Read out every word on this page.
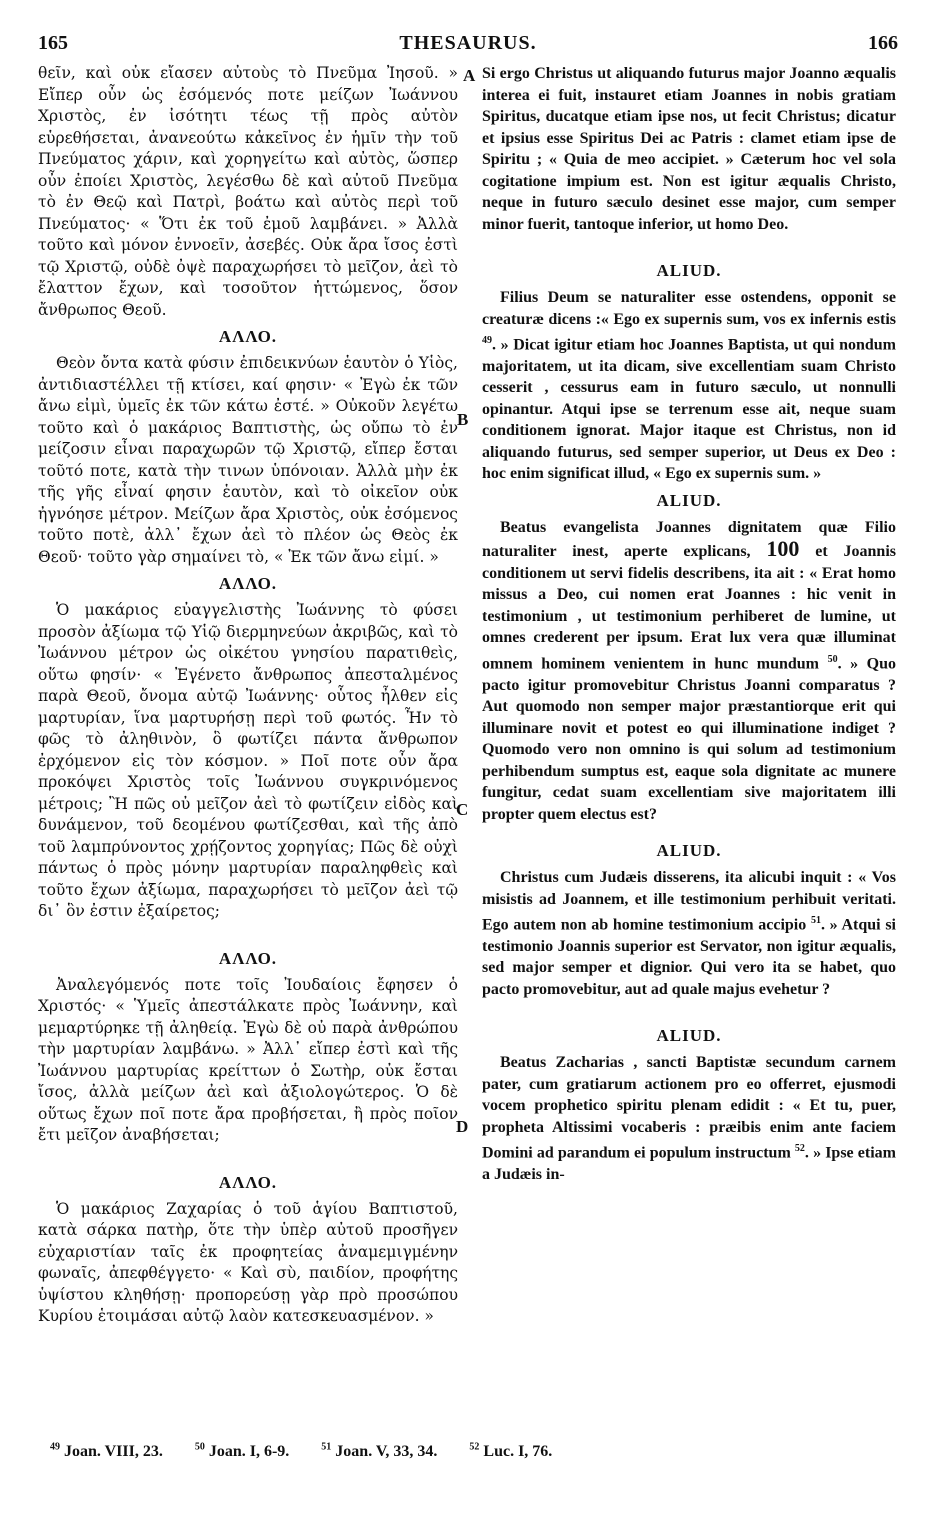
165	THESAURUS.	166
A
B
C
D

θεῖν, καὶ οὐκ εἴασεν αὐτοὺς τὸ Πνεῦμα Ἰησοῦ. » Εἴπερ οὖν ὡς ἐσόμενός ποτε μείζων Ἰωάννου Χριστὸς, ἐν ἰσότητι τέως τῇ πρὸς αὐτὸν εὑρεθήσεται, ἀνανεούτω κἀκεῖνος ἐν ἡμῖν τὴν τοῦ Πνεύματος χάριν, καὶ χορηγείτω καὶ αὐτὸς, ὥσπερ οὖν ἐποίει Χριστὸς, λεγέσθω δὲ καὶ αὐτοῦ Πνεῦμα τὸ ἐν Θεῷ καὶ Πατρὶ, βοάτω καὶ αὐτὸς περὶ τοῦ Πνεύματος· « Ὅτι ἐκ τοῦ ἐμοῦ λαμβάνει. » Ἀλλὰ τοῦτο καὶ μόνον ἐννοεῖν, ἀσεβές. Οὐκ ἄρα ἴσος ἐστὶ τῷ Χριστῷ, οὐδὲ ὀψὲ παραχωρήσει τὸ μεῖζον, ἀεὶ τὸ ἔλαττον ἔχων, καὶ τοσοῦτον ἡττώμενος, ὅσον ἄνθρωπος Θεοῦ.

ΑΛΛΟ.

Θεὸν ὄντα κατὰ φύσιν ἐπιδεικνύων ἑαυτὸν ὁ Υἱὸς, ἀντιδιαστέλλει τῇ κτίσει, καί φησιν· « Ἐγὼ ἐκ τῶν ἄνω εἰμὶ, ὑμεῖς ἐκ τῶν κάτω ἐστέ. » Οὐκοῦν λεγέτω τοῦτο καὶ ὁ μακάριος Βαπτιστὴς, ὡς οὔπω τὸ ἐν μείζοσιν εἶναι παραχωρῶν τῷ Χριστῷ, εἴπερ ἔσται τοῦτό ποτε, κατὰ τὴν τινων ὑπόνοιαν. Ἀλλὰ μὴν ἐκ τῆς γῆς εἶναί φησιν ἑαυτὸν, καὶ τὸ οἰκεῖον οὐκ ἠγνόησε μέτρον. Μείζων ἄρα Χριστὸς, οὐκ ἐσόμενος τοῦτο ποτὲ, ἀλλ᾽ ἔχων ἀεὶ τὸ πλέον ὡς Θεὸς ἐκ Θεοῦ· τοῦτο γὰρ σημαίνει τὸ, « Ἐκ τῶν ἄνω εἰμί. »

ΑΛΛΟ.

Ὁ μακάριος εὐαγγελιστὴς Ἰωάννης τὸ φύσει προσὸν ἀξίωμα τῷ Υἱῷ διερμηνεύων ἀκριβῶς, καὶ τὸ Ἰωάννου μέτρον ὡς οἰκέτου γνησίου παρατιθεὶς, οὕτω φησίν· « Ἐγένετο ἄνθρωπος ἀπεσταλμένος παρὰ Θεοῦ, ὄνομα αὐτῷ Ἰωάννης· οὗτος ἦλθεν εἰς μαρτυρίαν, ἵνα μαρτυρήσῃ περὶ τοῦ φωτός. Ἦν τὸ φῶς τὸ ἀληθινὸν, ὃ φωτίζει πάντα ἄνθρωπον ἐρχόμενον εἰς τὸν κόσμον. » Ποῖ ποτε οὖν ἄρα προκόψει Χριστὸς τοῖς Ἰωάννου συγκρινόμενος μέτροις; Ἢ πῶς οὐ μεῖζον ἀεὶ τὸ φωτίζειν εἰδὸς καὶ δυνάμενον, τοῦ δεομένου φωτίζεσθαι, καὶ τῆς ἀπὸ τοῦ λαμπρύνοντος χρῄζοντος χορηγίας; Πῶς δὲ οὐχὶ πάντως ὁ πρὸς μόνην μαρτυρίαν παραληφθεὶς καὶ τοῦτο ἔχων ἀξίωμα, παραχωρήσει τὸ μεῖζον ἀεὶ τῷ δι᾽ ὃν ἐστιν ἐξαίρετος;

ΑΛΛΟ.

Ἀναλεγόμενός ποτε τοῖς Ἰουδαίοις ἔφησεν ὁ Χριστός· « Ὑμεῖς ἀπεστάλκατε πρὸς Ἰωάννην, καὶ μεμαρτύρηκε τῇ ἀληθείᾳ. Ἐγὼ δὲ οὐ παρὰ ἀνθρώπου τὴν μαρτυρίαν λαμβάνω. » Ἀλλ᾽ εἴπερ ἐστὶ καὶ τῆς Ἰωάννου μαρτυρίας κρείττων ὁ Σωτὴρ, οὐκ ἔσται ἴσος, ἀλλὰ μείζων ἀεὶ καὶ ἀξιολογώτερος. Ὁ δὲ οὕτως ἔχων ποῖ ποτε ἄρα προβήσεται, ἢ πρὸς ποῖον ἔτι μεῖζον ἀναβήσεται;

ΑΛΛΟ.

Ὁ μακάριος Ζαχαρίας ὁ τοῦ ἁγίου Βαπτιστοῦ, κατὰ σάρκα πατὴρ, ὅτε τὴν ὑπὲρ αὐτοῦ προσῆγεν εὐχαριστίαν ταῖς ἐκ προφητείας ἀναμεμιγμένην φωναῖς, ἀπεφθέγγετο· « Καὶ σὺ, παιδίον, προφήτης ὑψίστου κληθήσῃ· προπορεύσῃ γὰρ πρὸ προσώπου Κυρίου ἑτοιμάσαι αὐτῷ λαὸν κατεσκευασμένον. »

Si ergo Christus ut aliquando futurus major Joanno æqualis interea ei fuit, instauret etiam Joannes in nobis gratiam Spiritus, ducatque etiam ipse nos, ut fecit Christus; dicatur et ipsius esse Spiritus Dei ac Patris : clamet etiam ipse de Spiritu ; « Quia de meo accipiet. » Cæterum hoc vel sola cogitatione impium est. Non est igitur æqualis Christo, neque in futuro sæculo desinet esse major, cum semper minor fuerit, tantoque inferior, ut homo Deo.

ALIUD.

Filius Deum se naturaliter esse ostendens, opponit se creaturæ dicens :« Ego ex supernis sum, vos ex infernis estis $^{49}$. » Dicat igitur etiam hoc Joannes Baptista, ut qui nondum majoritatem, ut ita dicam, sive excellentiam suam Christo cesserit , cessurus eam in futuro sæculo, ut nonnulli opinantur. Atqui ipse se terrenum esse ait, neque suam conditionem ignorat. Major itaque est Christus, non id aliquando futurus, sed semper superior, ut Deus ex Deo : hoc enim significat illud, « Ego ex supernis sum. »

ALIUD.

Beatus evangelista Joannes dignitatem quæ Filio naturaliter inest, aperte explicans, 100 et Joannis conditionem ut servi fidelis describens, ita ait : « Erat homo missus a Deo, cui nomen erat Joannes : hic venit in testimonium , ut testimonium perhiberet de lumine, ut omnes crederent per ipsum. Erat lux vera quæ illuminat omnem hominem venientem in hunc mundum $^{50}$. » Quo pacto igitur promovebitur Christus Joanni comparatus ? Aut quomodo non semper major præstantiorque erit qui illuminare novit et potest eo qui illuminatione indiget ? Quomodo vero non omnino is qui solum ad testimonium perhibendum sumptus est, eaque sola dignitate ac munere fungitur, cedat suam excellentiam sive majoritatem illi propter quem electus est?

ALIUD.

Christus cum Judæis disserens, ita alicubi inquit : « Vos misistis ad Joannem, et ille testimonium perhibuit veritati. Ego autem non ab homine testimonium accipio $^{51}$. » Atqui si testimonio Joannis superior est Servator, non igitur æqualis, sed major semper et dignior. Qui vero ita se habet, quo pacto promovebitur, aut ad quale majus evehetur ?

ALIUD.

Beatus Zacharias , sancti Baptistæ secundum carnem pater, cum gratiarum actionem pro eo offerret, ejusmodi vocem prophetico spiritu plenam edidit : « Et tu, puer, propheta Altissimi vocaberis : præibis enim ante faciem Domini ad parandum ei populum instructum $^{52}$. » Ipse etiam a Judæis in-

$^{49}$ Joan. VIII, 23.	$^{50}$ Joan. I, 6-9.	$^{51}$ Joan. V, 33, 34.	$^{52}$ Luc. I, 76.
